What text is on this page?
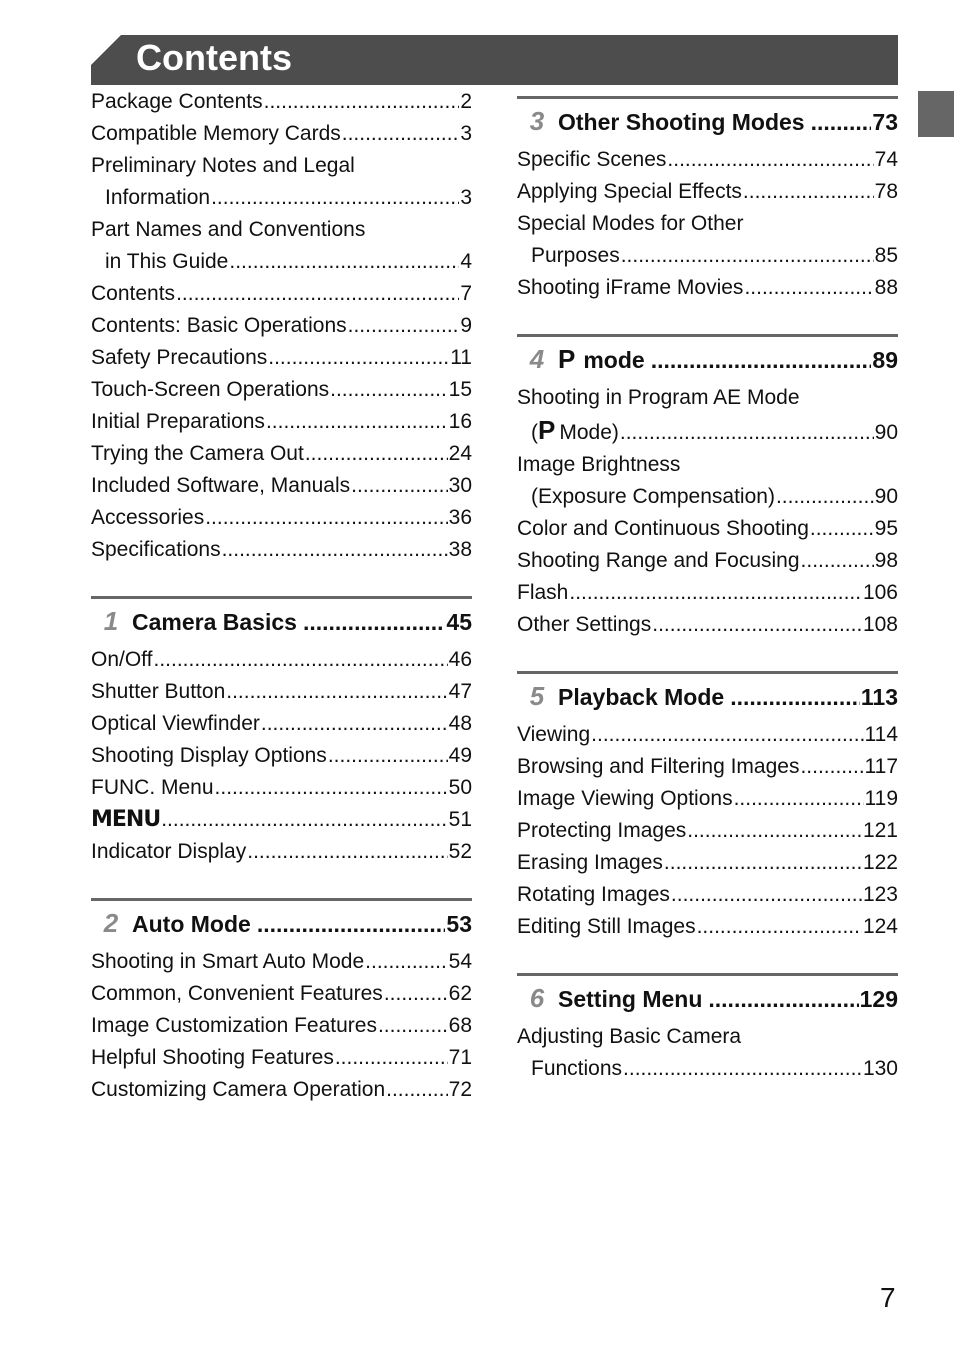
Contents
Package Contents .....	2
Compatible Memory Cards .....	3
Preliminary Notes and Legal
Information .....	3
Part Names and Conventions
in This Guide .....	4
Contents .....	7
Contents: Basic Operations .....	9
Safety Precautions .....	11
Touch-Screen Operations .....	15
Initial Preparations .....	16
Trying the Camera Out .....	24
Included Software, Manuals .....	30
Accessories .....	36
Specifications .....	38
1 Camera Basics .....	45
On/Off .....	46
Shutter Button .....	47
Optical Viewfinder .....	48
Shooting Display Options .....	49
FUNC. Menu .....	50
MENU .....	51
Indicator Display .....	52
2 Auto Mode .....	53
Shooting in Smart Auto Mode .....	54
Common, Convenient Features .....	62
Image Customization Features .....	68
Helpful Shooting Features .....	71
Customizing Camera Operation .....	72
3 Other Shooting Modes .....	73
Specific Scenes .....	74
Applying Special Effects .....	78
Special Modes for Other
Purposes .....	85
Shooting iFrame Movies .....	88
4 P mode .....	89
Shooting in Program AE Mode
(P Mode) .....	90
Image Brightness
(Exposure Compensation) .....	90
Color and Continuous Shooting .....	95
Shooting Range and Focusing .....	98
Flash .....	106
Other Settings .....	108
5 Playback Mode .....	113
Viewing .....	114
Browsing and Filtering Images .....	117
Image Viewing Options .....	119
Protecting Images .....	121
Erasing Images .....	122
Rotating Images .....	123
Editing Still Images .....	124
6 Setting Menu .....	129
Adjusting Basic Camera
Functions .....	130
7
